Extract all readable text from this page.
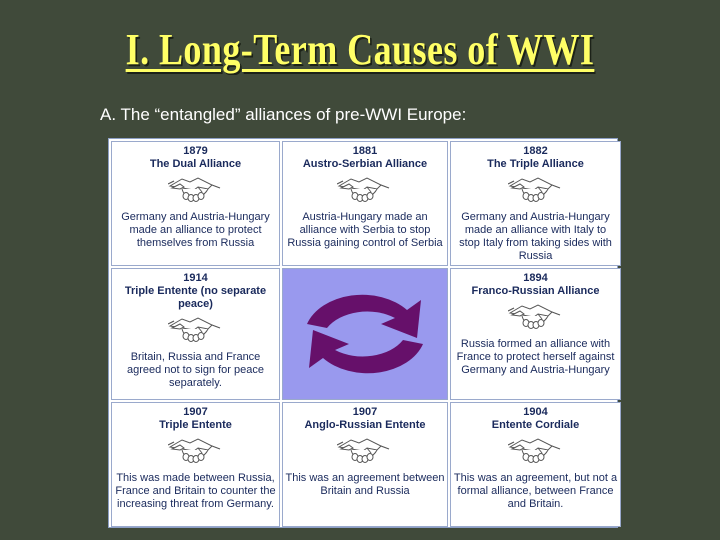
I. Long-Term Causes of WWI
A. The “entangled” alliances of pre-WWI Europe:
1879
The Dual Alliance
Germany and Austria-Hungary made an alliance to protect themselves from Russia
1881
Austro-Serbian Alliance
Austria-Hungary made an alliance with Serbia to stop Russia gaining control of Serbia
1882
The Triple Alliance
Germany and Austria-Hungary made an alliance with Italy to stop Italy from taking sides with Russia
1914
Triple Entente (no separate peace)
Britain, Russia and France agreed not to sign for peace separately.
1894
Franco-Russian Alliance
Russia formed an alliance with France to protect herself against Germany and Austria-Hungary
1907
Triple Entente
This was made between Russia, France and Britain to counter the increasing threat from Germany.
1907
Anglo-Russian Entente
This was an agreement between Britain and Russia
1904
Entente Cordiale
This was an agreement, but not a formal alliance, between France and Britain.
